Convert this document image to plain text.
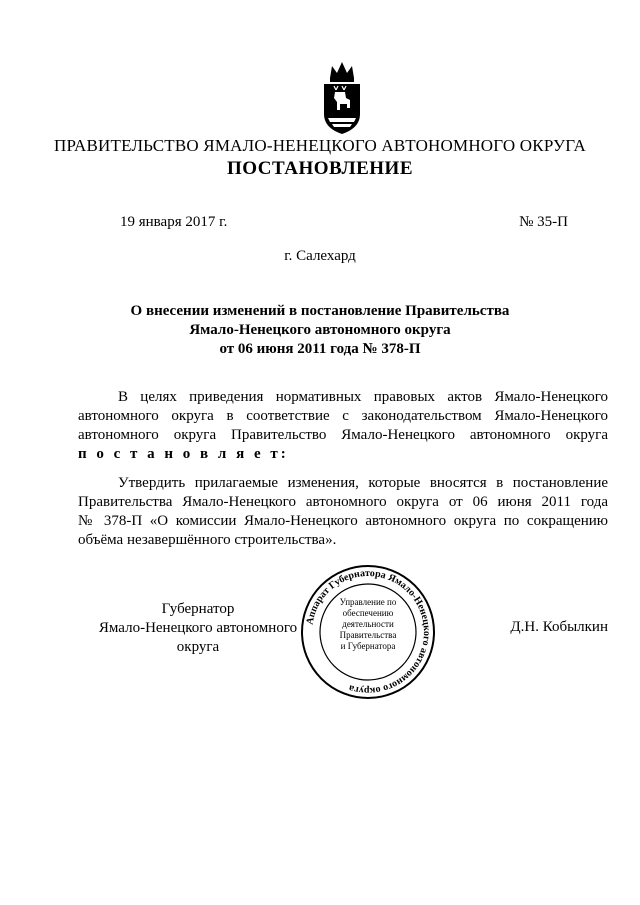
ПРАВИТЕЛЬСТВО ЯМАЛО-НЕНЕЦКОГО АВТОНОМНОГО ОКРУГА
ПОСТАНОВЛЕНИЕ
19 января 2017 г.	№ 35-П
г. Салехард
О внесении изменений в постановление Правительства
Ямало-Ненецкого автономного округа
от 06 июня 2011 года № 378-П
В целях приведения нормативных правовых актов Ямало-Ненецкого
автономного округа в соответствие с законодательством Ямало-Ненецкого
автономного округа Правительство Ямало-Ненецкого автономного округа
п о с т а н о в л я е т:
Утвердить прилагаемые изменения, которые вносятся в постановление
Правительства Ямало-Ненецкого автономного округа от 06 июня 2011 года
№ 378-П «О комиссии Ямало-Ненецкого автономного округа по сокращению
объёма незавершённого строительства».
Губернатор
Ямало-Ненецкого автономного округа
Д.Н. Кобылкин
Аппарат Губернатора Ямало-Ненецкого автономного округа
Управление по
обеспечению
деятельности
Правительства
и Губернатора
